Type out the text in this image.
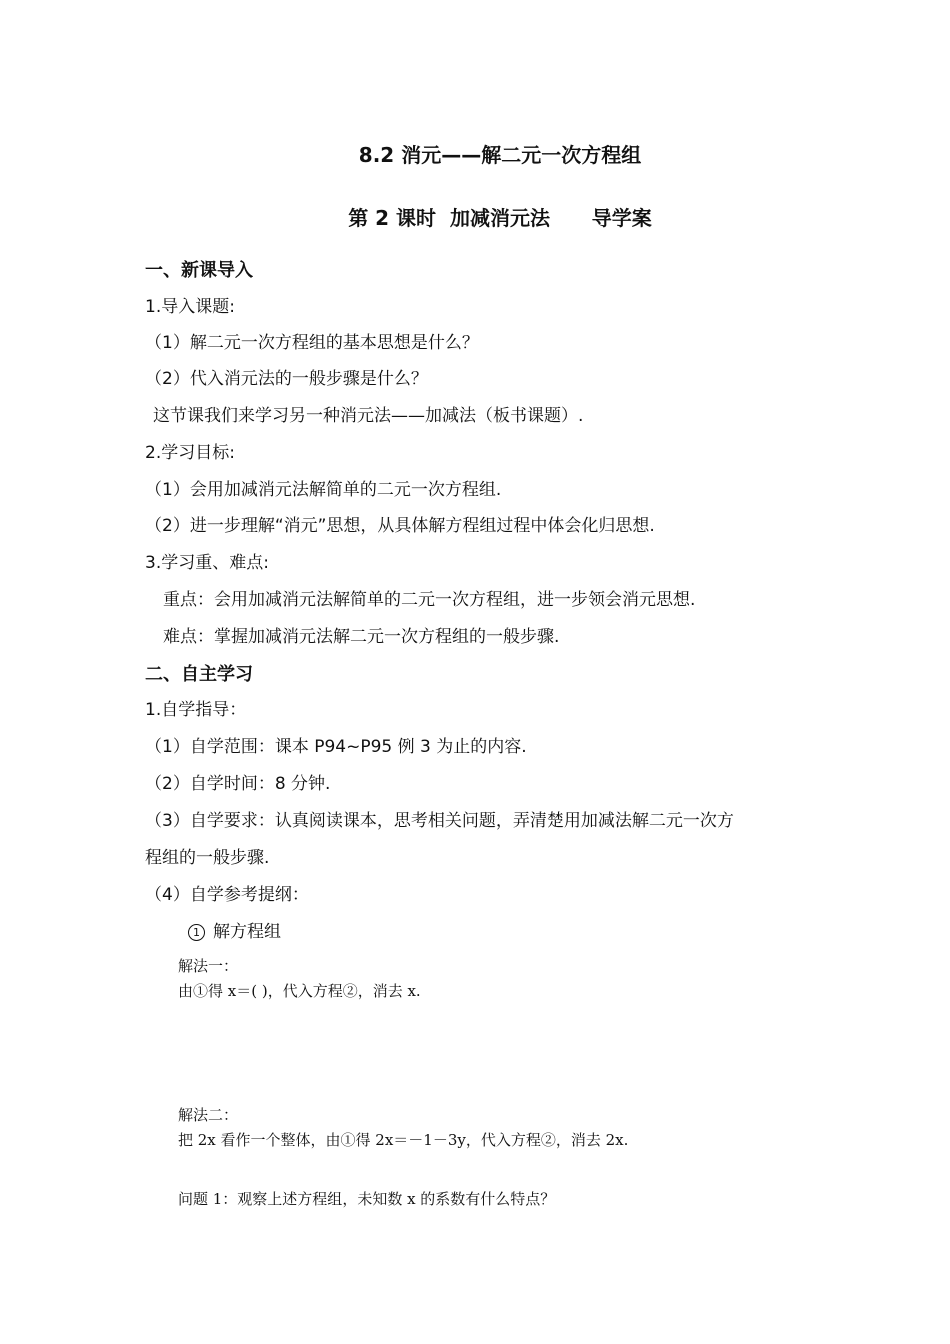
8.2 消元——解二元一次方程组
第 2 课时  加减消元法      导学案
一、新课导入
1.导入课题:
（1）解二元一次方程组的基本思想是什么？
（2）代入消元法的一般步骤是什么？
这节课我们来学习另一种消元法——加减法（板书课题）.
2.学习目标:
（1）会用加减消元法解简单的二元一次方程组.
（2）进一步理解“消元”思想，从具体解方程组过程中体会化归思想.
3.学习重、难点:
重点：会用加减消元法解简单的二元一次方程组，进一步领会消元思想.
难点：掌握加减消元法解二元一次方程组的一般步骤.
二、自主学习
1.自学指导：
（1）自学范围：课本 P94~P95 例 3 为止的内容.
（2）自学时间：8 分钟.
（3）自学要求：认真阅读课本，思考相关问题，弄清楚用加减法解二元一次方
程组的一般步骤.
（4）自学参考提纲：
1 解方程组
解法一：
由①得 x＝( )，代入方程②，消去 x.
解法二：
把 2x 看作一个整体，由①得 2x＝－1－3y，代入方程②，消去 2x.
问题 1：观察上述方程组，未知数 x 的系数有什么特点？
